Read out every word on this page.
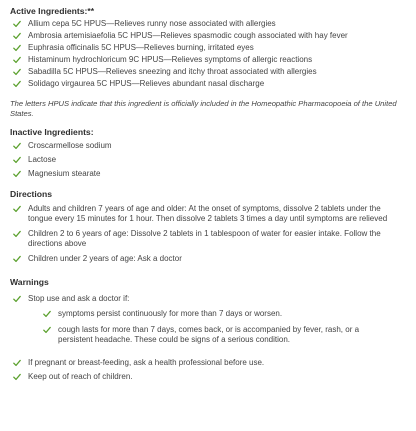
Active Ingredients:**
Allium cepa 5C HPUS—Relieves runny nose associated with allergies
Ambrosia artemisiaefolia 5C HPUS—Relieves spasmodic cough associated with hay fever
Euphrasia officinalis 5C HPUS—Relieves burning, irritated eyes
Histaminum hydrochloricum 9C HPUS—Relieves symptoms of allergic reactions
Sabadilla 5C HPUS—Relieves sneezing and itchy throat associated with allergies
Solidago virgaurea 5C HPUS—Relieves abundant nasal discharge

The letters HPUS indicate that this ingredient is officially included in the Homeopathic Pharmacopoeia of the United States.

Inactive Ingredients:
Croscarmellose sodium
Lactose
Magnesium stearate
Directions
Adults and children 7 years of age and older: At the onset of symptoms, dissolve 2 tablets under the tongue every 15 minutes for 1 hour. Then dissolve 2 tablets 3 times a day until symptoms are relieved
Children 2 to 6 years of age: Dissolve 2 tablets in 1 tablespoon of water for easier intake. Follow the directions above
Children under 2 years of age: Ask a doctor
Warnings
Stop use and ask a doctor if:
symptoms persist continuously for more than 7 days or worsen.
cough lasts for more than 7 days, comes back, or is accompanied by fever, rash, or a persistent headache. These could be signs of a serious condition.
If pregnant or breast-feeding, ask a health professional before use.
Keep out of reach of children.
